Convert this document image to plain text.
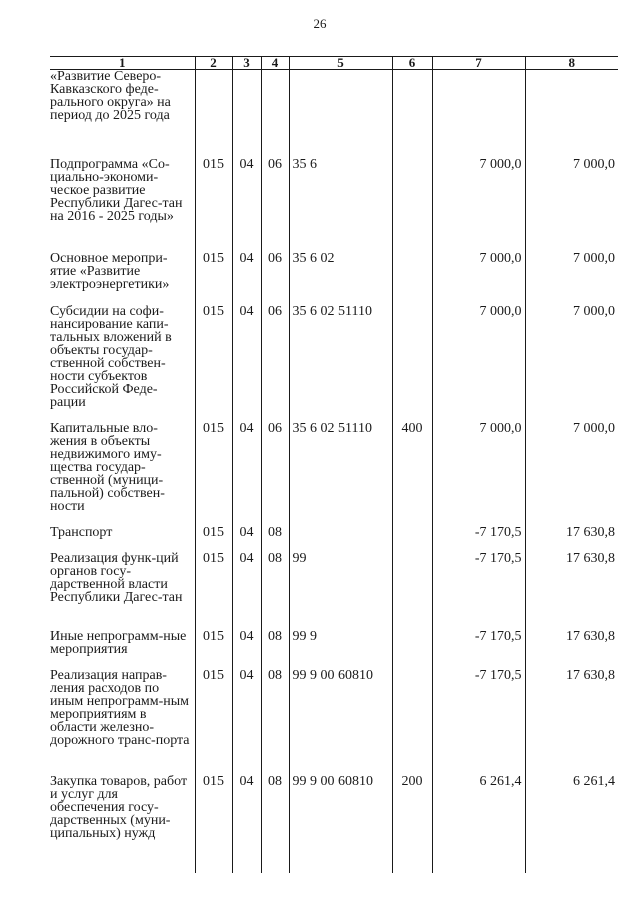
26
1	2	3	4	5	6	7	8
«Развитие Северо-Кавказского феде-рального округа» на период до 2025 года							
Подпрограмма «Со-циально-экономи-ческое развитие Республики Дагес-тан на 2016 - 2025 годы»	015	04	06	35 6		7 000,0	7 000,0
Основное меропри-ятие «Развитие электроэнергетики»	015	04	06	35 6 02		7 000,0	7 000,0
Субсидии на софи-нансирование капи-тальных вложений в объекты государ-ственной собствен-ности субъектов Российской Феде-рации	015	04	06	35 6 02 51110		7 000,0	7 000,0
Капитальные вло-жения в объекты недвижимого иму-щества государ-ственной (муници-пальной) собствен-ности	015	04	06	35 6 02 51110	400	7 000,0	7 000,0
Транспорт	015	04	08			-7 170,5	17 630,8
Реализация функ-ций органов госу-дарственной власти Республики Дагес-тан	015	04	08	99		-7 170,5	17 630,8
Иные непрограмм-ные мероприятия	015	04	08	99 9		-7 170,5	17 630,8
Реализация направ-ления расходов по иным непрограмм-ным мероприятиям в области железно-дорожного транс-порта	015	04	08	99 9 00 60810		-7 170,5	17 630,8
Закупка товаров, работ и услуг для обеспечения госу-дарственных (муни-ципальных) нужд	015	04	08	99 9 00 60810	200	6 261,4	6 261,4
